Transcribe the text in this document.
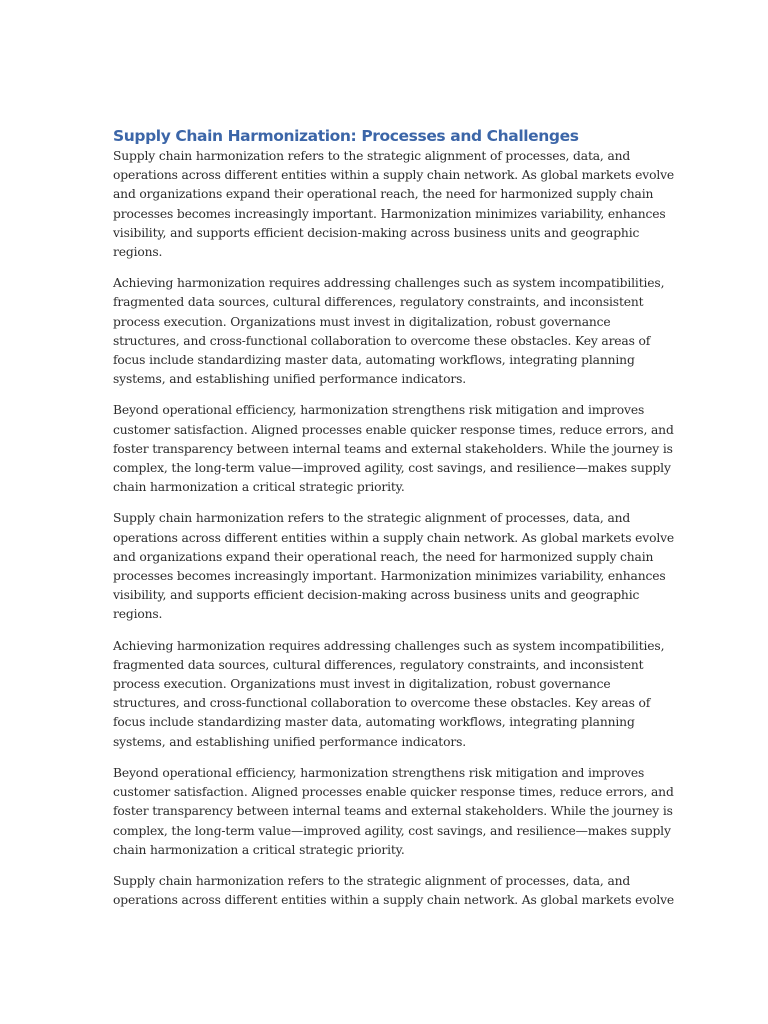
Supply Chain Harmonization: Processes and Challenges

Supply chain harmonization refers to the strategic alignment of processes, data, and
operations across different entities within a supply chain network. As global markets evolve
and organizations expand their operational reach, the need for harmonized supply chain
processes becomes increasingly important. Harmonization minimizes variability, enhances
visibility, and supports efficient decision-making across business units and geographic
regions.

Achieving harmonization requires addressing challenges such as system incompatibilities,
fragmented data sources, cultural differences, regulatory constraints, and inconsistent
process execution. Organizations must invest in digitalization, robust governance
structures, and cross-functional collaboration to overcome these obstacles. Key areas of
focus include standardizing master data, automating workflows, integrating planning
systems, and establishing unified performance indicators.

Beyond operational efficiency, harmonization strengthens risk mitigation and improves
customer satisfaction. Aligned processes enable quicker response times, reduce errors, and
foster transparency between internal teams and external stakeholders. While the journey is
complex, the long-term value—improved agility, cost savings, and resilience—makes supply
chain harmonization a critical strategic priority.

Supply chain harmonization refers to the strategic alignment of processes, data, and
operations across different entities within a supply chain network. As global markets evolve
and organizations expand their operational reach, the need for harmonized supply chain
processes becomes increasingly important. Harmonization minimizes variability, enhances
visibility, and supports efficient decision-making across business units and geographic
regions.

Achieving harmonization requires addressing challenges such as system incompatibilities,
fragmented data sources, cultural differences, regulatory constraints, and inconsistent
process execution. Organizations must invest in digitalization, robust governance
structures, and cross-functional collaboration to overcome these obstacles. Key areas of
focus include standardizing master data, automating workflows, integrating planning
systems, and establishing unified performance indicators.

Beyond operational efficiency, harmonization strengthens risk mitigation and improves
customer satisfaction. Aligned processes enable quicker response times, reduce errors, and
foster transparency between internal teams and external stakeholders. While the journey is
complex, the long-term value—improved agility, cost savings, and resilience—makes supply
chain harmonization a critical strategic priority.

Supply chain harmonization refers to the strategic alignment of processes, data, and
operations across different entities within a supply chain network. As global markets evolve
